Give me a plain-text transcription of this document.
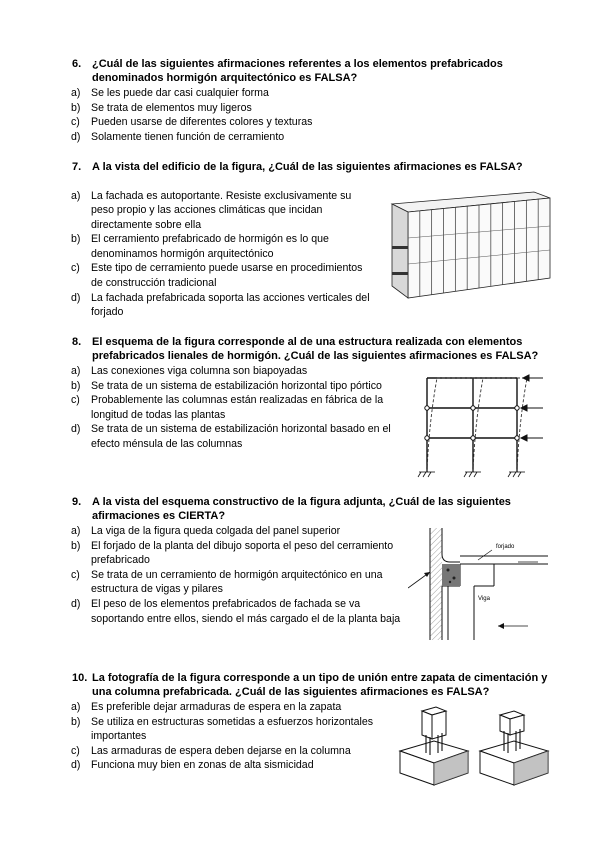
6. ¿Cuál de las siguientes afirmaciones referentes a los elementos prefabricados denominados hormigón arquitectónico es FALSA?
a) Se les puede dar casi cualquier forma
b) Se trata de elementos muy ligeros
c)	Pueden usarse de diferentes colores y texturas
d) Solamente tienen función de cerramiento
7. A la vista del edificio de la figura, ¿Cuál de las siguientes afirmaciones es FALSA?
a) La fachada es autoportante. Resiste exclusivamente su peso propio y las acciones climáticas que incidan directamente sobre ella
b) El cerramiento prefabricado de hormigón es lo que denominamos hormigón arquitectónico
c)	Este tipo de cerramiento puede usarse en procedimientos de construcción tradicional
d) La fachada prefabricada soporta las acciones verticales del forjado
8. El esquema de la figura corresponde al de una estructura realizada con elementos prefabricados lienales de hormigón. ¿Cuál de las siguientes afirmaciones es FALSA?
a) Las conexiones viga columna son biapoyadas
b) Se trata de un sistema de estabilización horizontal tipo pórtico
c)	Probablemente las columnas están realizadas en fábrica de la longitud de todas las plantas
d) Se trata de un sistema de estabilización horizontal basado en el efecto ménsula de las columnas
9. A la vista del esquema constructivo de la figura adjunta, ¿Cuál de las siguientes afirmaciones es CIERTA?
a) La viga de la figura queda colgada del panel superior
b) El forjado de la planta del dibujo soporta el peso del cerramiento prefabricado
c)	Se trata de un cerramiento de hormigón arquitectónico en una estructura de vigas y pilares
d) El peso de los elementos prefabricados de fachada se va soportando entre ellos, siendo el más cargado el de la planta baja
forjado
Viga
10. La fotografía de la figura corresponde a un tipo de unión entre zapata de cimentación y una columna prefabricada. ¿Cuál de las siguientes afirmaciones es FALSA?
a) Es preferible dejar armaduras de espera en la zapata
b) Se utiliza en estructuras sometidas a esfuerzos horizontales importantes
c)	Las armaduras de espera deben dejarse en la columna
d) Funciona muy bien en zonas de alta sismicidad
